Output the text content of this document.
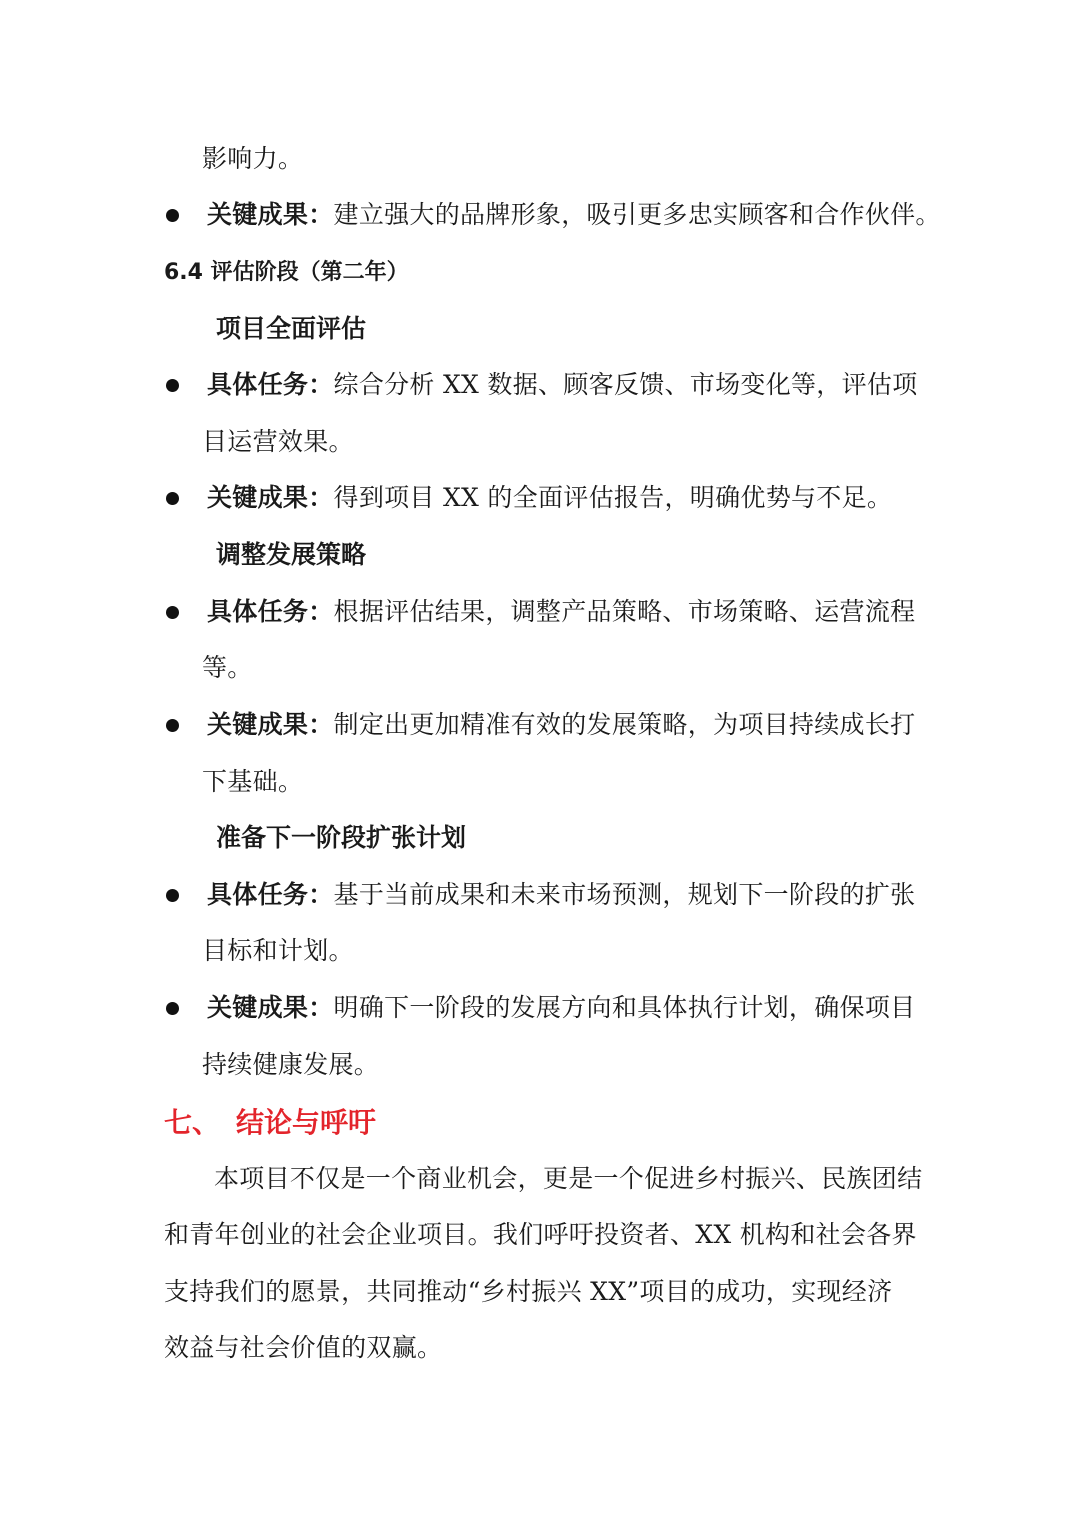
影响力。
关键成果：建立强大的品牌形象，吸引更多忠实顾客和合作伙伴。
6.4 评估阶段（第二年）
项目全面评估
具体任务：综合分析 XX 数据、顾客反馈、市场变化等，评估项
目运营效果。
关键成果：得到项目 XX 的全面评估报告，明确优势与不足。
调整发展策略
具体任务：根据评估结果，调整产品策略、市场策略、运营流程
等。
关键成果：制定出更加精准有效的发展策略，为项目持续成长打
下基础。
准备下一阶段扩张计划
具体任务：基于当前成果和未来市场预测，规划下一阶段的扩张
目标和计划。
关键成果：明确下一阶段的发展方向和具体执行计划，确保项目
持续健康发展。
七、 结论与呼吁
本项目不仅是一个商业机会，更是一个促进乡村振兴、民族团结
和青年创业的社会企业项目。我们呼吁投资者、XX 机构和社会各界
支持我们的愿景，共同推动“乡村振兴 XX”项目的成功，实现经济
效益与社会价值的双赢。
